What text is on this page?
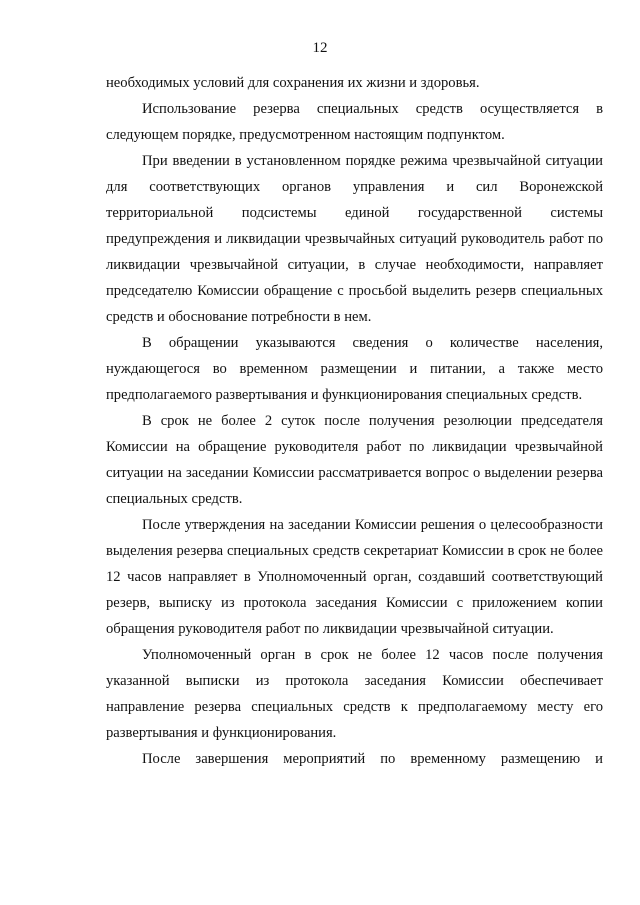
12

необходимых условий для сохранения их жизни и здоровья.

Использование резерва специальных средств осуществляется в следующем порядке, предусмотренном настоящим подпунктом.

При введении в установленном порядке режима чрезвычайной ситуации для соответствующих органов управления и сил Воронежской территориальной подсистемы единой государственной системы предупреждения и ликвидации чрезвычайных ситуаций руководитель работ по ликвидации чрезвычайной ситуации, в случае необходимости, направляет председателю Комиссии обращение с просьбой выделить резерв специальных средств и обоснование потребности в нем.

В обращении указываются сведения о количестве населения, нуждающегося во временном размещении и питании, а также место предполагаемого развертывания и функционирования специальных средств.

В срок не более 2 суток после получения резолюции председателя Комиссии на обращение руководителя работ по ликвидации чрезвычайной ситуации на заседании Комиссии рассматривается вопрос о выделении резерва специальных средств.

После утверждения на заседании Комиссии решения о целесообразности выделения резерва специальных средств секретариат Комиссии в срок не более 12 часов направляет в Уполномоченный орган, создавший соответствующий резерв, выписку из протокола заседания Комиссии с приложением копии обращения руководителя работ по ликвидации чрезвычайной ситуации.

Уполномоченный орган в срок не более 12 часов после получения указанной выписки из протокола заседания Комиссии обеспечивает направление резерва специальных средств к предполагаемому месту его развертывания и функционирования.

После завершения мероприятий по временному размещению и
